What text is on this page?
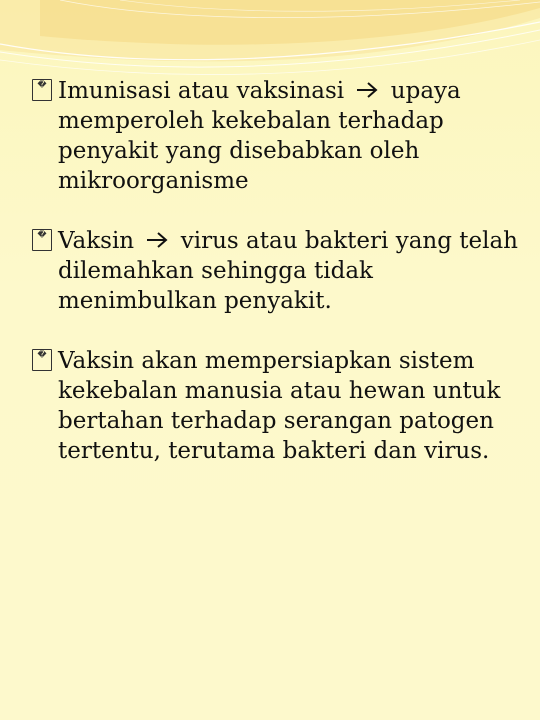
� Imunisasi atau vaksinasi upaya memperoleh kekebalan terhadap penyakit yang disebabkan oleh mikroorganisme
� Vaksin virus atau bakteri yang telah dilemahkan sehingga tidak menimbulkan penyakit.
� Vaksin akan mempersiapkan sistem kekebalan manusia atau hewan untuk bertahan terhadap serangan patogen tertentu, terutama bakteri dan virus.
